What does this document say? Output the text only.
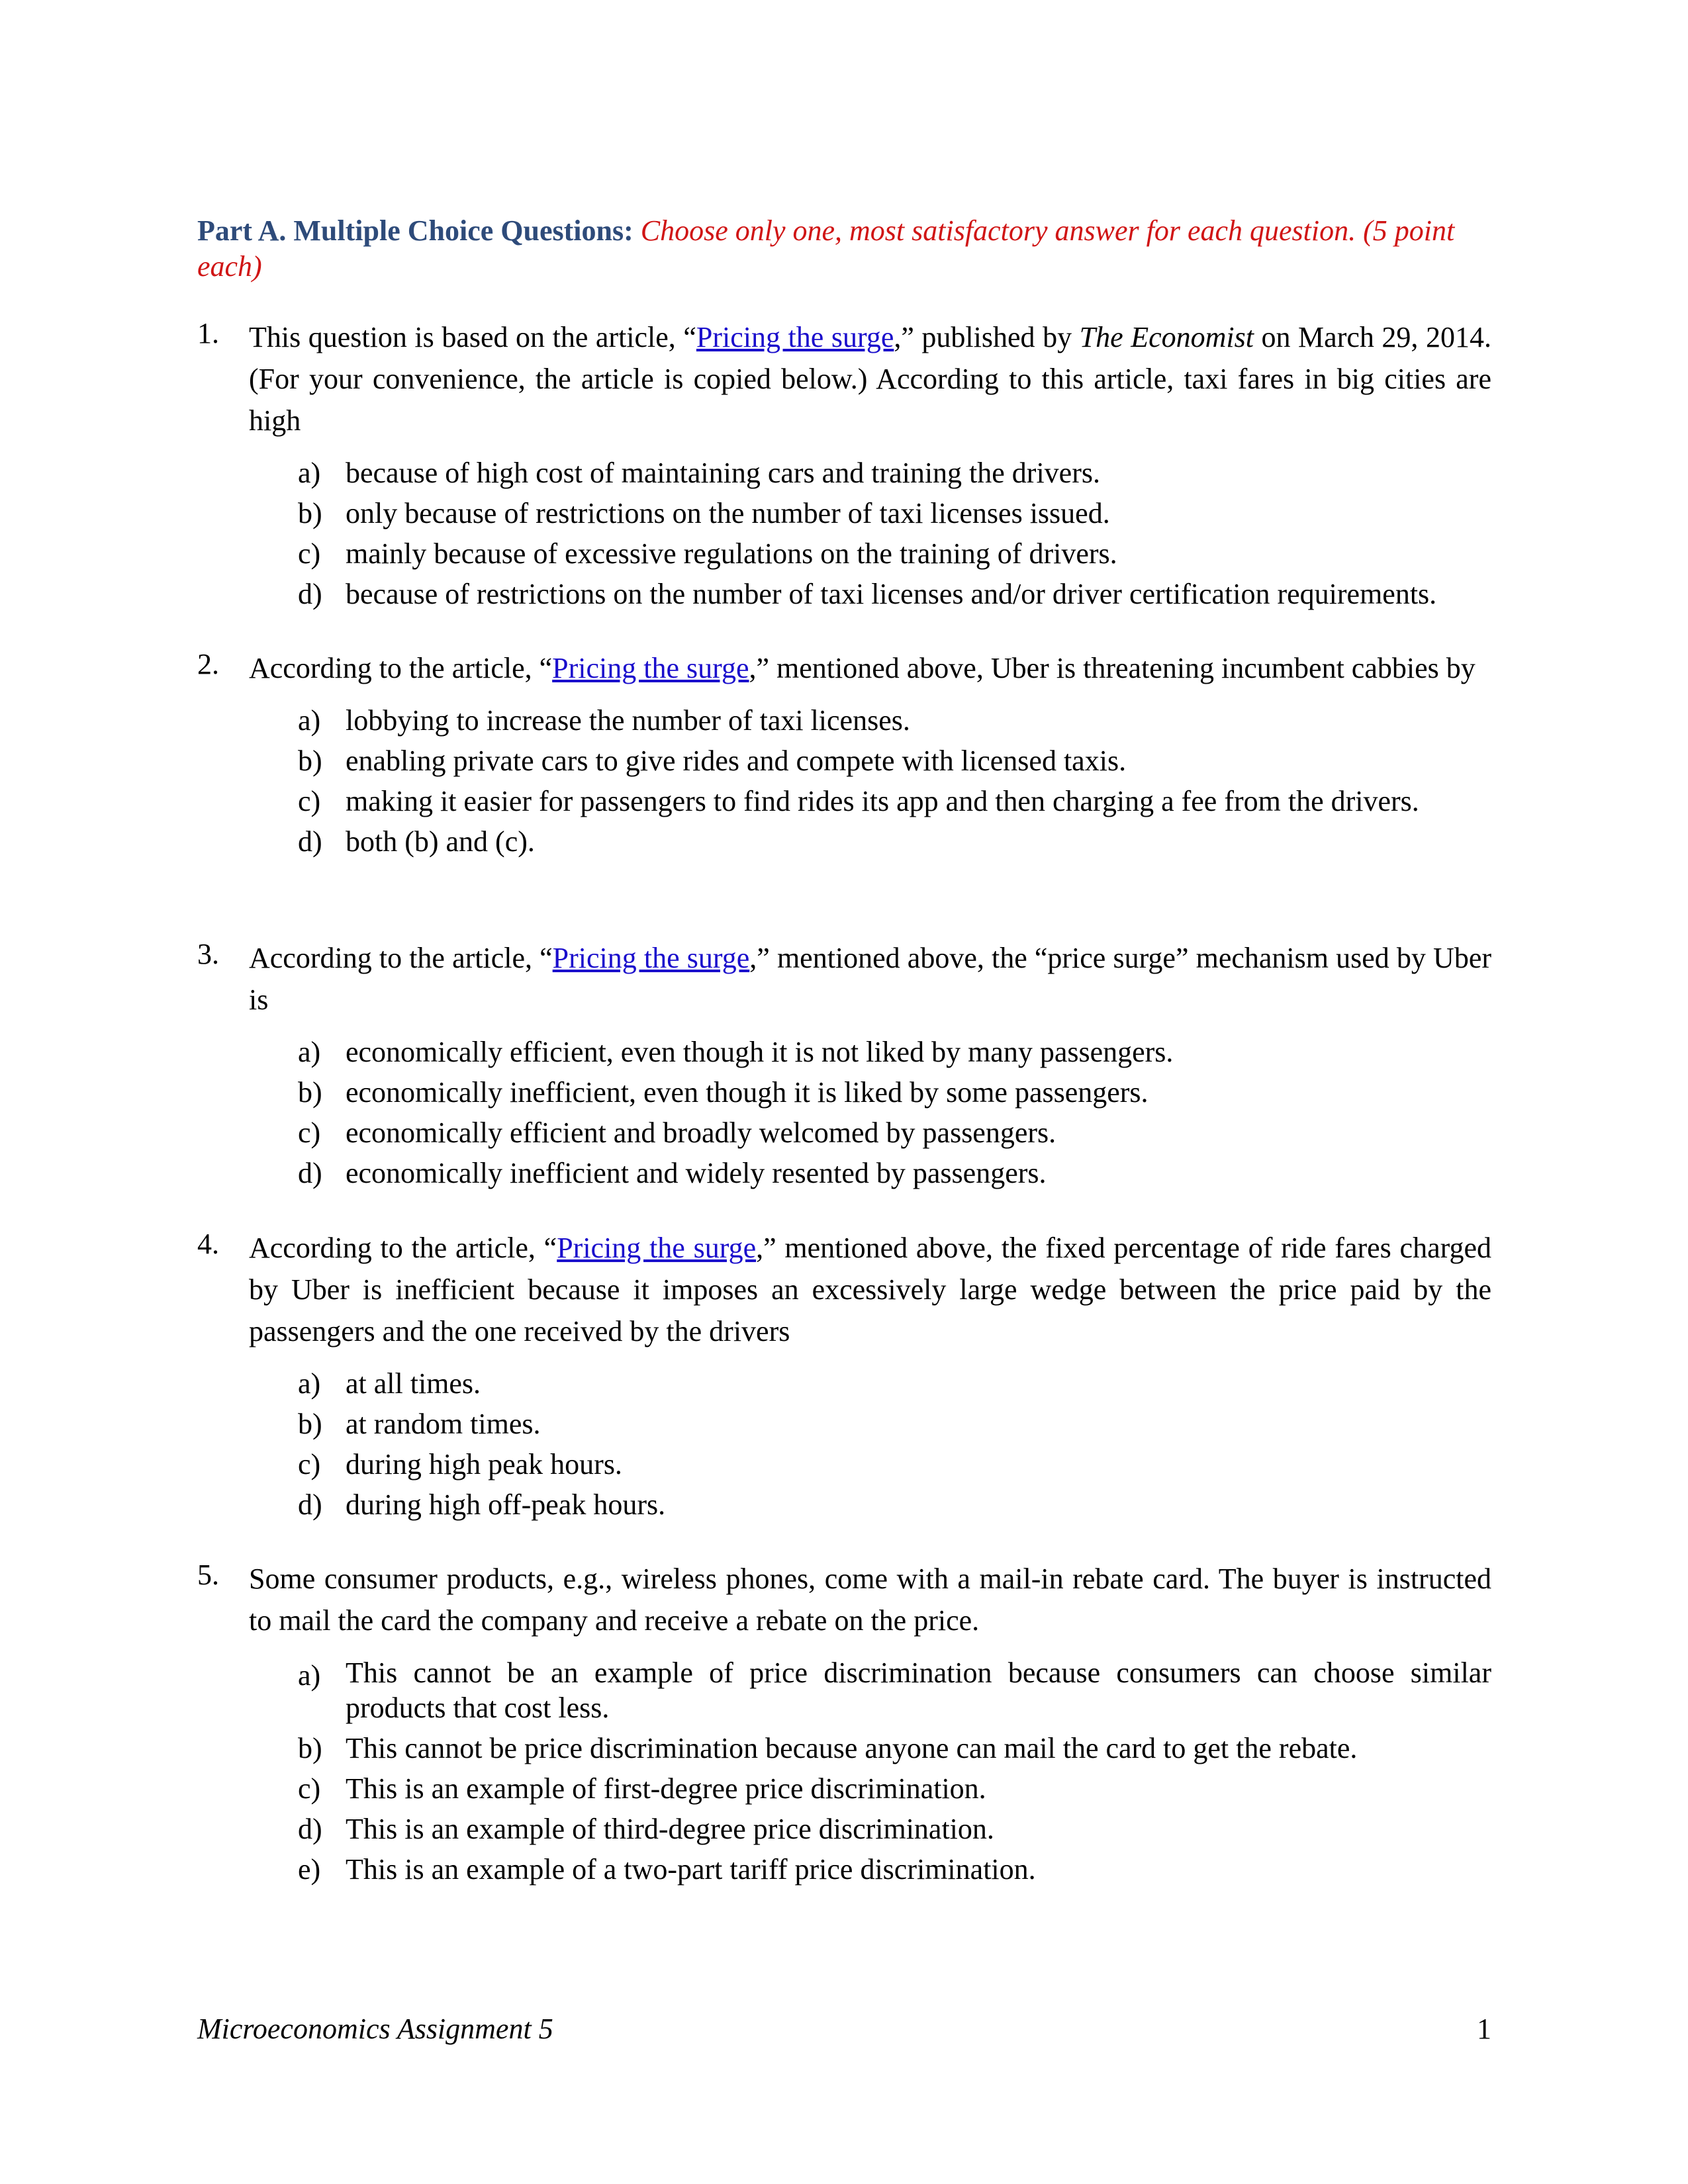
Part A. Multiple Choice Questions: Choose only one, most satisfactory answer for each question. (5 point each)
1. This question is based on the article, “Pricing the surge,” published by The Economist on March 29, 2014. (For your convenience, the article is copied below.) According to this article, taxi fares in big cities are high
a) because of high cost of maintaining cars and training the drivers.
b) only because of restrictions on the number of taxi licenses issued.
c) mainly because of excessive regulations on the training of drivers.
d) because of restrictions on the number of taxi licenses and/or driver certification requirements.
2. According to the article, “Pricing the surge,” mentioned above, Uber is threatening incumbent cabbies by
a) lobbying to increase the number of taxi licenses.
b) enabling private cars to give rides and compete with licensed taxis.
c) making it easier for passengers to find rides its app and then charging a fee from the drivers.
d) both (b) and (c).
3. According to the article, “Pricing the surge,” mentioned above, the “price surge” mechanism used by Uber is
a) economically efficient, even though it is not liked by many passengers.
b) economically inefficient, even though it is liked by some passengers.
c) economically efficient and broadly welcomed by passengers.
d) economically inefficient and widely resented by passengers.
4. According to the article, “Pricing the surge,” mentioned above, the fixed percentage of ride fares charged by Uber is inefficient because it imposes an excessively large wedge between the price paid by the passengers and the one received by the drivers
a) at all times.
b) at random times.
c) during high peak hours.
d) during high off-peak hours.
5. Some consumer products, e.g., wireless phones, come with a mail-in rebate card. The buyer is instructed to mail the card the company and receive a rebate on the price.
a) This cannot be an example of price discrimination because consumers can choose similar products that cost less.
b) This cannot be price discrimination because anyone can mail the card to get the rebate.
c) This is an example of first-degree price discrimination.
d) This is an example of third-degree price discrimination.
e) This is an example of a two-part tariff price discrimination.
Microeconomics Assignment 5	1
